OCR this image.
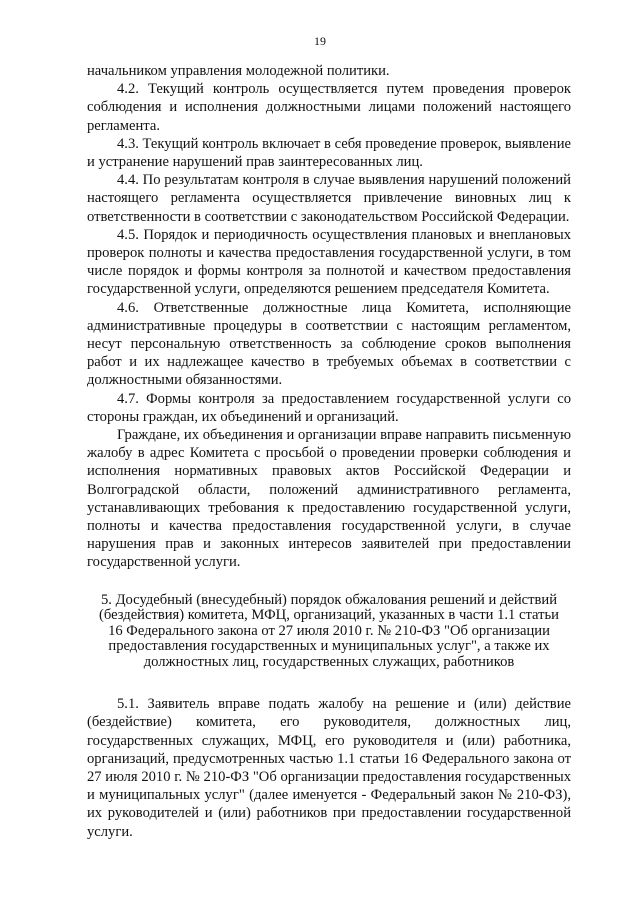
19

начальником управления молодежной политики.

4.2. Текущий контроль осуществляется путем проведения проверок соблюдения и исполнения должностными лицами положений настоящего регламента.

4.3. Текущий контроль включает в себя проведение проверок, выявление и устранение нарушений прав заинтересованных лиц.

4.4. По результатам контроля в случае выявления нарушений положений настоящего регламента осуществляется привлечение виновных лиц к ответственности в соответствии с законодательством Российской Федерации.

4.5. Порядок и периодичность осуществления плановых и внеплановых проверок полноты и качества предоставления государственной услуги, в том числе порядок и формы контроля за полнотой и качеством предоставления государственной услуги, определяются решением председателя Комитета.

4.6. Ответственные должностные лица Комитета, исполняющие административные процедуры в соответствии с настоящим регламентом, несут персональную ответственность за соблюдение сроков выполнения работ и их надлежащее качество в требуемых объемах в соответствии с должностными обязанностями.

4.7. Формы контроля за предоставлением государственной услуги со стороны граждан, их объединений и организаций.

Граждане, их объединения и организации вправе направить письменную жалобу в адрес Комитета с просьбой о проведении проверки соблюдения и исполнения нормативных правовых актов Российской Федерации и Волгоградской области, положений административного регламента, устанавливающих требования к предоставлению государственной услуги, полноты и качества предоставления государственной услуги, в случае нарушения прав и законных интересов заявителей при предоставлении государственной услуги.

5. Досудебный (внесудебный) порядок обжалования решений и действий (бездействия) комитета, МФЦ, организаций, указанных в части 1.1 статьи 16 Федерального закона от 27 июля 2010 г. № 210-ФЗ "Об организации предоставления государственных и муниципальных услуг", а также их должностных лиц, государственных служащих, работников

5.1. Заявитель вправе подать жалобу на решение и (или) действие (бездействие) комитета, его руководителя, должностных лиц, государственных служащих, МФЦ, его руководителя и (или) работника, организаций, предусмотренных частью 1.1 статьи 16 Федерального закона от 27 июля 2010 г. № 210-ФЗ "Об организации предоставления государственных и муниципальных услуг" (далее именуется - Федеральный закон № 210-ФЗ), их руководителей и (или) работников при предоставлении государственной услуги.
